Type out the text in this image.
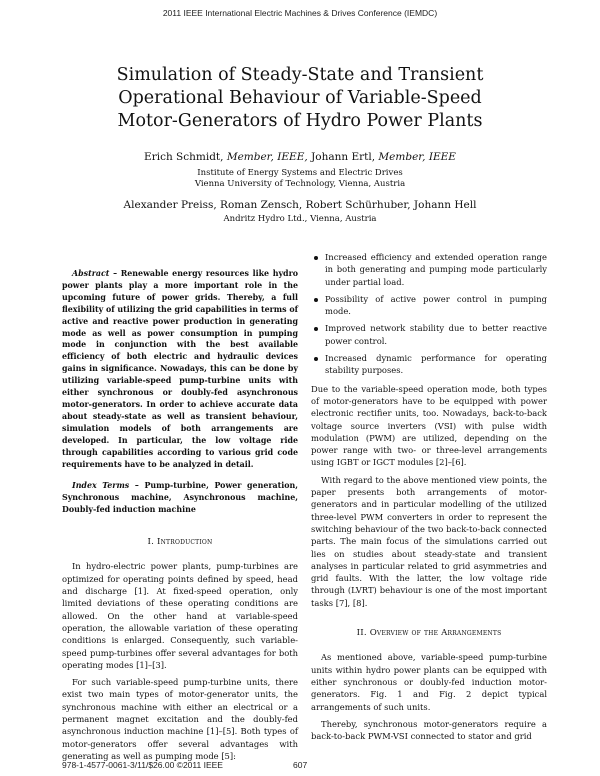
2011 IEEE International Electric Machines & Drives Conference (IEMDC)
Simulation of Steady-State and Transient
Operational Behaviour of Variable-Speed
Motor-Generators of Hydro Power Plants
Erich Schmidt, Member, IEEE, Johann Ertl, Member, IEEE
Institute of Energy Systems and Electric Drives
Vienna University of Technology, Vienna, Austria
Alexander Preiss, Roman Zensch, Robert Schürhuber, Johann Hell
Andritz Hydro Ltd., Vienna, Austria

Abstract – Renewable energy resources like hydro power plants play a more important role in the upcoming future of power grids. Thereby, a full flexibility of utilizing the grid capabilities in terms of active and reactive power production in generating mode as well as power consumption in pumping mode in conjunction with the best available efficiency of both electric and hydraulic devices gains in significance. Nowadays, this can be done by utilizing variable-speed pump-turbine units with either synchronous or doubly-fed asynchronous motor-generators. In order to achieve accurate data about steady-state as well as transient behaviour, simulation models of both arrangements are developed. In particular, the low voltage ride through capabilities according to various grid code requirements have to be analyzed in detail.

Index Terms – Pump-turbine, Power generation, Synchronous machine, Asynchronous machine, Doubly-fed induction machine

I. Introduction

In hydro-electric power plants, pump-turbines are optimized for operating points defined by speed, head and discharge [1]. At fixed-speed operation, only limited deviations of these operating conditions are allowed. On the other hand at variable-speed operation, the allowable variation of these operating conditions is enlarged. Consequently, such variable-speed pump-turbines offer several advantages for both operating modes [1]–[3].

For such variable-speed pump-turbine units, there exist two main types of motor-generator units, the synchronous machine with either an electrical or a permanent magnet excitation and the doubly-fed asynchronous induction machine [1]–[5]. Both types of motor-generators offer several advantages with generating as well as pumping mode [5]:

Increased efficiency and extended operation range in both generating and pumping mode particularly under partial load.
Possibility of active power control in pumping mode.
Improved network stability due to better reactive power control.
Increased dynamic performance for operating stability purposes.

Due to the variable-speed operation mode, both types of motor-generators have to be equipped with power electronic rectifier units, too. Nowadays, back-to-back voltage source inverters (VSI) with pulse width modulation (PWM) are utilized, depending on the power range with two- or three-level arrangements using IGBT or IGCT modules [2]–[6].

With regard to the above mentioned view points, the paper presents both arrangements of motor-generators and in particular modelling of the utilized three-level PWM converters in order to represent the switching behaviour of the two back-to-back connected parts. The main focus of the simulations carried out lies on studies about steady-state and transient analyses in particular related to grid asymmetries and grid faults. With the latter, the low voltage ride through (LVRT) behaviour is one of the most important tasks [7], [8].

II. Overview of the Arrangements

As mentioned above, variable-speed pump-turbine units within hydro power plants can be equipped with either synchronous or doubly-fed induction motor-generators. Fig. 1 and Fig. 2 depict typical arrangements of such units.

Thereby, synchronous motor-generators require a back-to-back PWM-VSI connected to stator and grid

978-1-4577-0061-3/11/$26.00 ©2011 IEEE	607
